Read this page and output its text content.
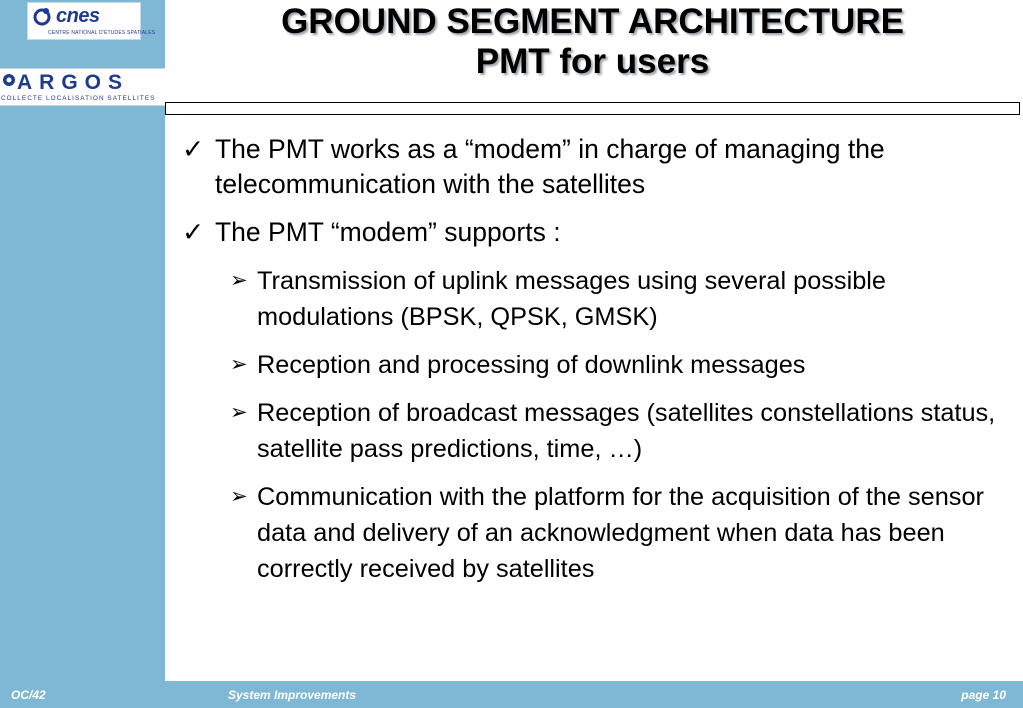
cnes
CENTRE NATIONAL D'ÉTUDES SPATIALES
ARGOS
COLLECTE LOCALISATION SATELLITES
GROUND SEGMENT ARCHITECTURE
PMT for users
✓ The PMT works as a “modem” in charge of managing the telecommunication with the satellites
✓ The PMT “modem” supports :
➢ Transmission of uplink messages using several possible modulations (BPSK, QPSK, GMSK)
➢ Reception and processing of downlink messages
➢ Reception of broadcast messages (satellites constellations status, satellite pass predictions, time, …)
➢ Communication with the platform for the acquisition of the sensor data and delivery of an acknowledgment when data has been correctly received by satellites
OC/42	System Improvements	page 10
